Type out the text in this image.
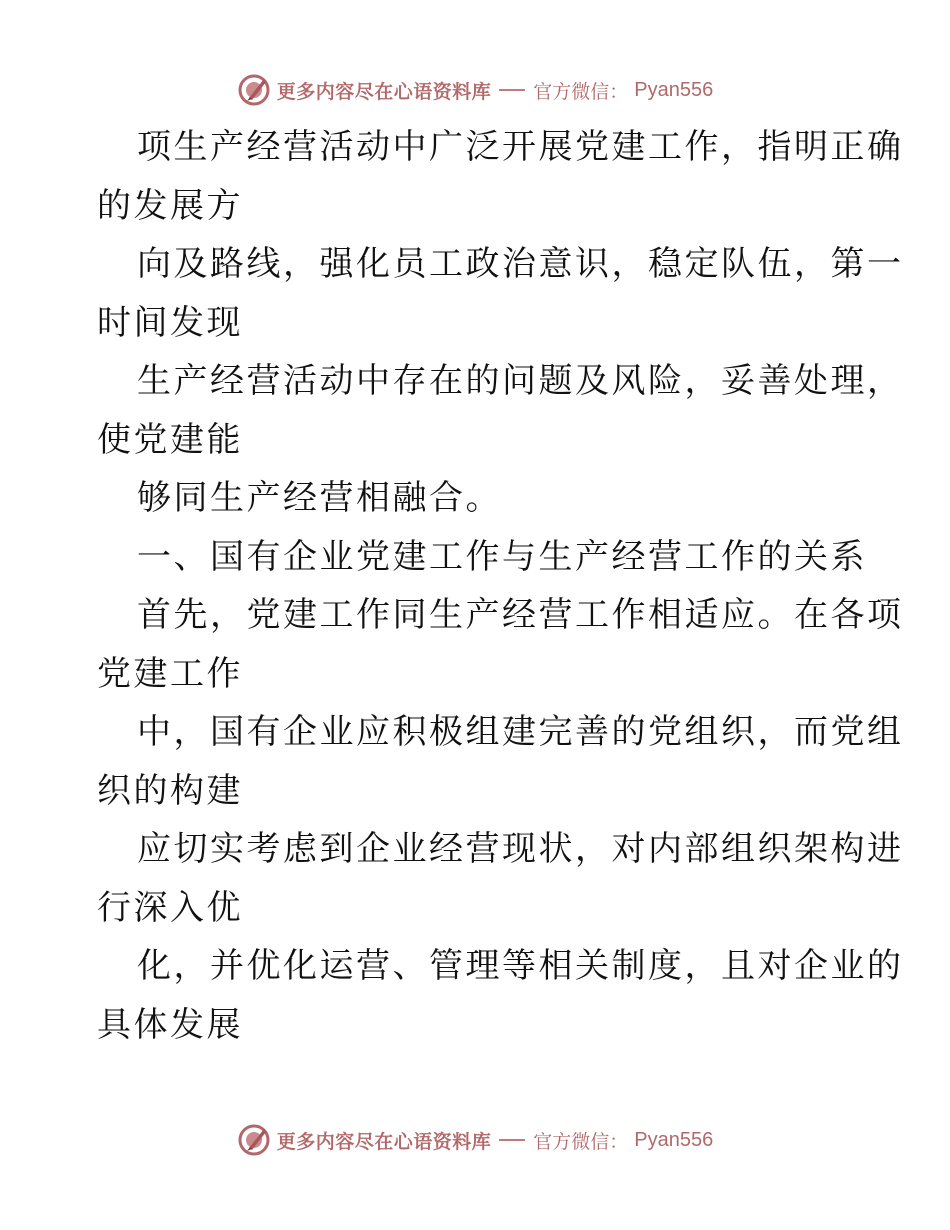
更多内容尽在心语资料库 官方微信： Pyan556
项生产经营活动中广泛开展党建工作，指明正确
的发展方
向及路线，强化员工政治意识，稳定队伍，第一
时间发现
生产经营活动中存在的问题及风险，妥善处理，
使党建能
够同生产经营相融合。
一、国有企业党建工作与生产经营工作的关系
首先，党建工作同生产经营工作相适应。在各项
党建工作
中，国有企业应积极组建完善的党组织，而党组
织的构建
应切实考虑到企业经营现状，对内部组织架构进
行深入优
化，并优化运营、管理等相关制度，且对企业的
具体发展
更多内容尽在心语资料库 官方微信： Pyan556
